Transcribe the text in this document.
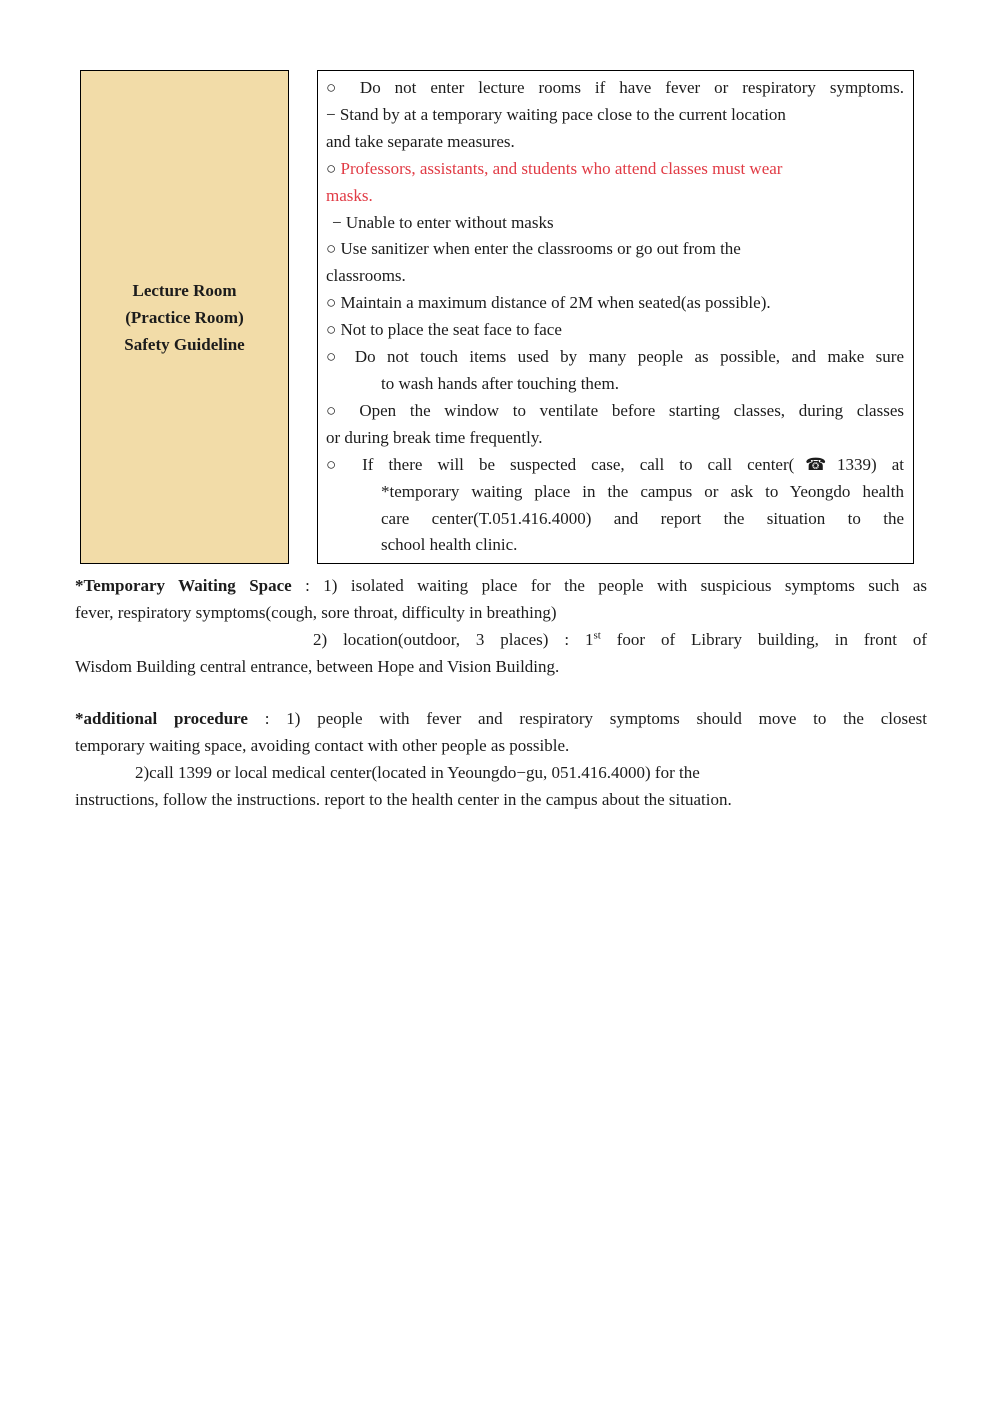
Lecture Room
(Practice Room)
Safety Guideline
○ Do not enter lecture rooms if have fever or respiratory symptoms.
− Stand by at a temporary waiting pace close to the current location
and take separate measures.
○ Professors, assistants, and students who attend classes must wear
masks.
− Unable to enter without masks
○ Use sanitizer when enter the classrooms or go out from the
classrooms.
○ Maintain a maximum distance of 2M when seated(as possible).
○ Not to place the seat face to face
○ Do not touch items used by many people as possible, and make sure
to wash hands after touching them.
○ Open the window to ventilate before starting classes, during classes
or during break time frequently.
○ If there will be suspected case, call to call center(☎1339) at
*temporary waiting place in the campus or ask to Yeongdo health
care center(T.051.416.4000) and report the situation to the
school health clinic.
*Temporary Waiting Space : 1) isolated waiting place for the people with suspicious symptoms such as
fever, respiratory symptoms(cough, sore throat, difficulty in breathing)
2) location(outdoor, 3 places) : 1st foor of Library building, in front of
Wisdom Building central entrance, between Hope and Vision Building.
*additional procedure : 1) people with fever and respiratory symptoms should move to the closest
temporary waiting space, avoiding contact with other people as possible.
2)call 1399 or local medical center(located in Yeoungdo−gu, 051.416.4000) for the
instructions, follow the instructions. report to the health center in the campus about the situation.
